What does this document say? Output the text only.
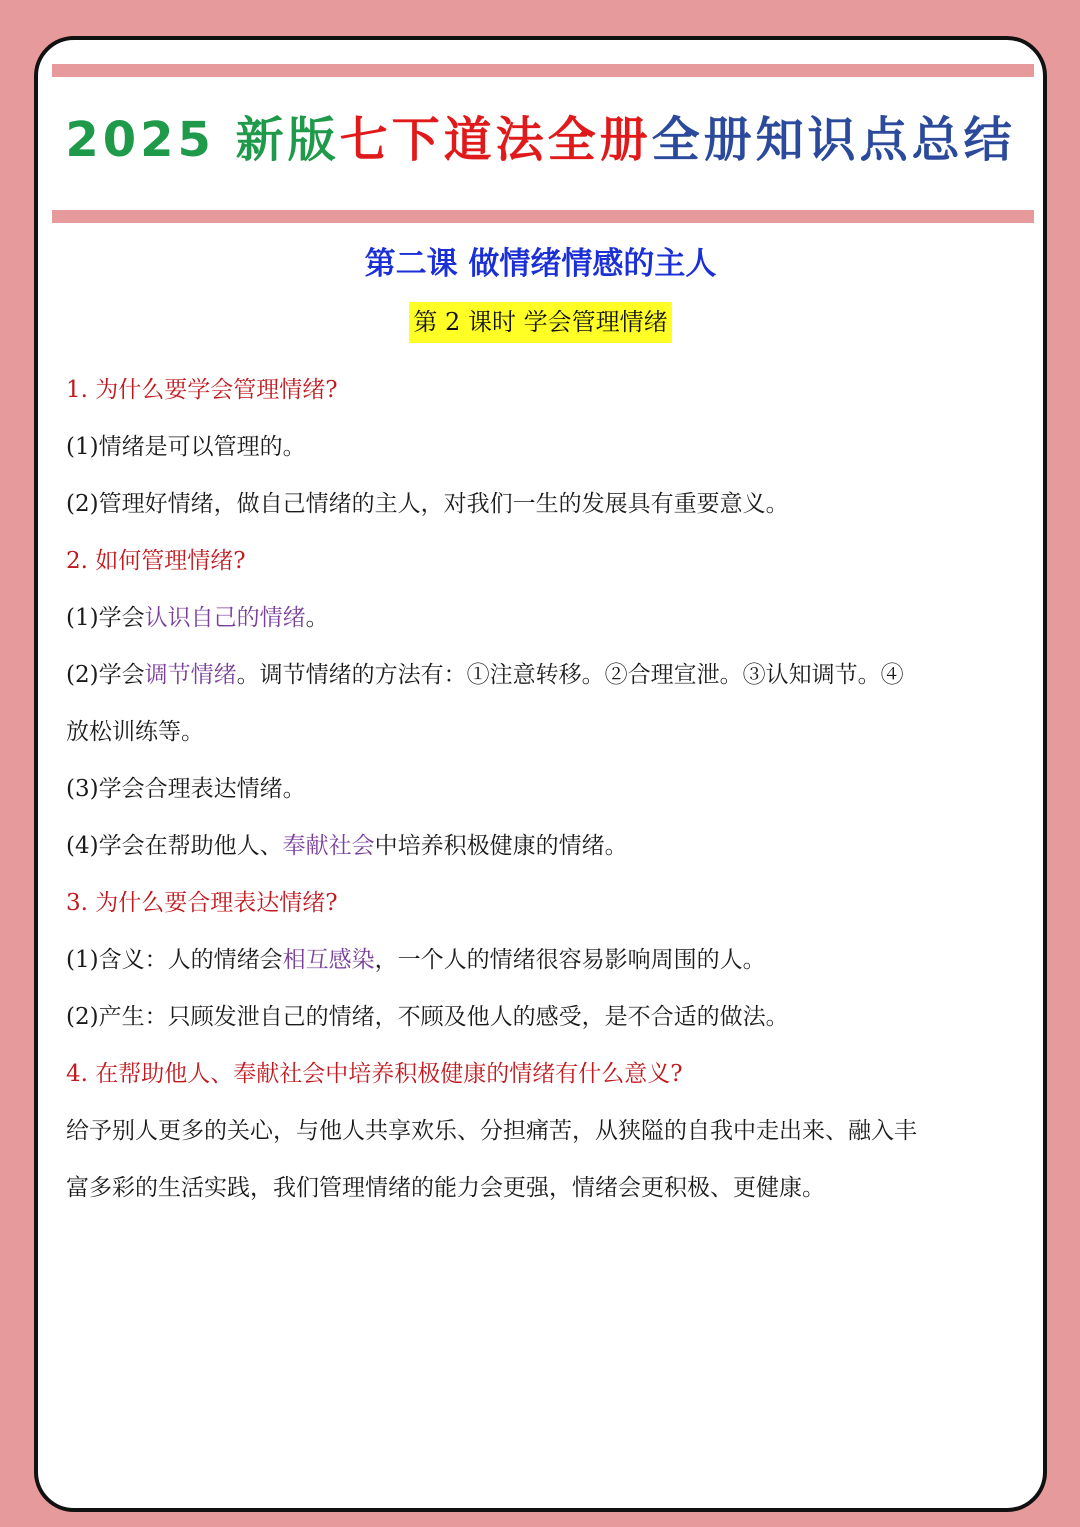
2025 新版七下道法全册全册知识点总结
第二课 做情绪情感的主人
第 2 课时 学会管理情绪
1. 为什么要学会管理情绪?
(1)情绪是可以管理的。
(2)管理好情绪，做自己情绪的主人，对我们一生的发展具有重要意义。
2. 如何管理情绪?
(1)学会认识自己的情绪。
(2)学会调节情绪。调节情绪的方法有：①注意转移。②合理宣泄。③认知调节。④
放松训练等。
(3)学会合理表达情绪。
(4)学会在帮助他人、奉献社会中培养积极健康的情绪。
3. 为什么要合理表达情绪?
(1)含义：人的情绪会相互感染，一个人的情绪很容易影响周围的人。
(2)产生：只顾发泄自己的情绪，不顾及他人的感受，是不合适的做法。
4. 在帮助他人、奉献社会中培养积极健康的情绪有什么意义?
给予别人更多的关心，与他人共享欢乐、分担痛苦，从狭隘的自我中走出来、融入丰
富多彩的生活实践，我们管理情绪的能力会更强，情绪会更积极、更健康。
